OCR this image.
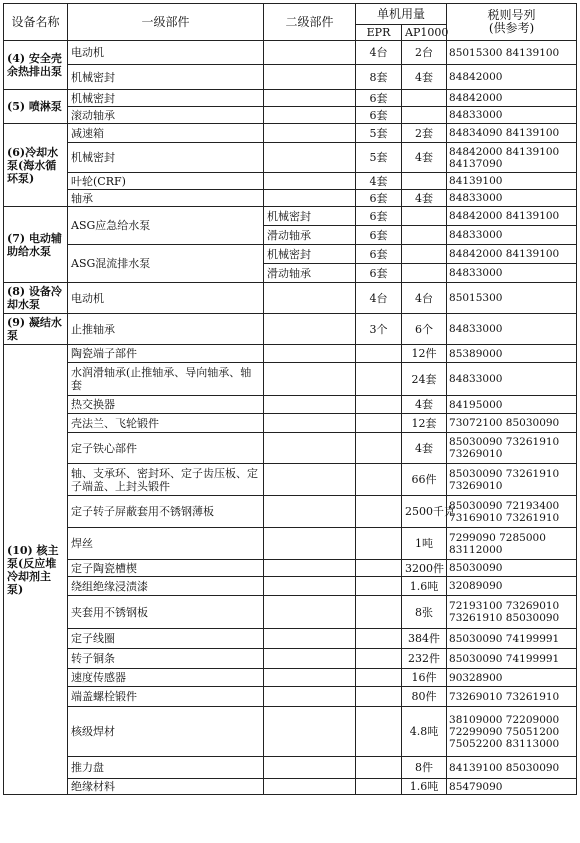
设备名称	一级部件	二级部件	单机用量		税则号列
(供参考)
			EPR	AP1000	
(4) 安全壳余热排出泵	电动机		4台	2台	85015300 84139100
	机械密封		8套	4套	84842000
(5) 喷淋泵	机械密封		6套		84842000
	滚动轴承		6套		84833000
(6)冷却水泵(海水循环泵)	减速箱		5套	2套	84834090 84139100
	机械密封		5套	4套	84842000 84139100 84137090
	叶轮(CRF)		4套		84139100
	轴承		6套	4套	84833000
(7) 电动辅助给水泵	ASG应急给水泵	机械密封	6套		84842000 84139100
		滑动轴承	6套		84833000
	ASG混流排水泵	机械密封	6套		84842000 84139100
		滑动轴承	6套		84833000
(8) 设备冷却水泵	电动机		4台	4台	85015300
(9) 凝结水泵	止推轴承		3个	6个	84833000
(10) 核主泵(反应堆冷却剂主泵)	陶瓷端子部件			12件	85389000
	水润滑轴承(止推轴承、导向轴承、轴套			24套	84833000
	热交换器			4套	84195000
	壳法兰、飞轮锻件			12套	73072100 85030090
	定子铁心部件			4套	85030090 73261910 73269010
	轴、支承环、密封环、定子齿压板、定子端盖、上封头锻件			66件	85030090 73261910 73269010
	定子转子屏蔽套用不锈钢薄板			2500千克	85030090 72193400 73169010 73261910
	焊丝			1吨	7299090 7285000 83112000
	定子陶瓷槽楔			3200件	85030090
	绕组绝缘浸渍漆			1.6吨	32089090
	夹套用不锈钢板			8张	72193100 73269010 73261910 85030090
	定子线圈			384件	85030090 74199991
	转子铜条			232件	85030090 74199991
	速度传感器			16件	90328900
	端盖螺栓锻件			80件	73269010 73261910
	核级焊材			4.8吨	38109000 72209000 72299090 75051200 75052200 83113000
	推力盘			8件	84139100 85030090
	绝缘材料			1.6吨	85479090
